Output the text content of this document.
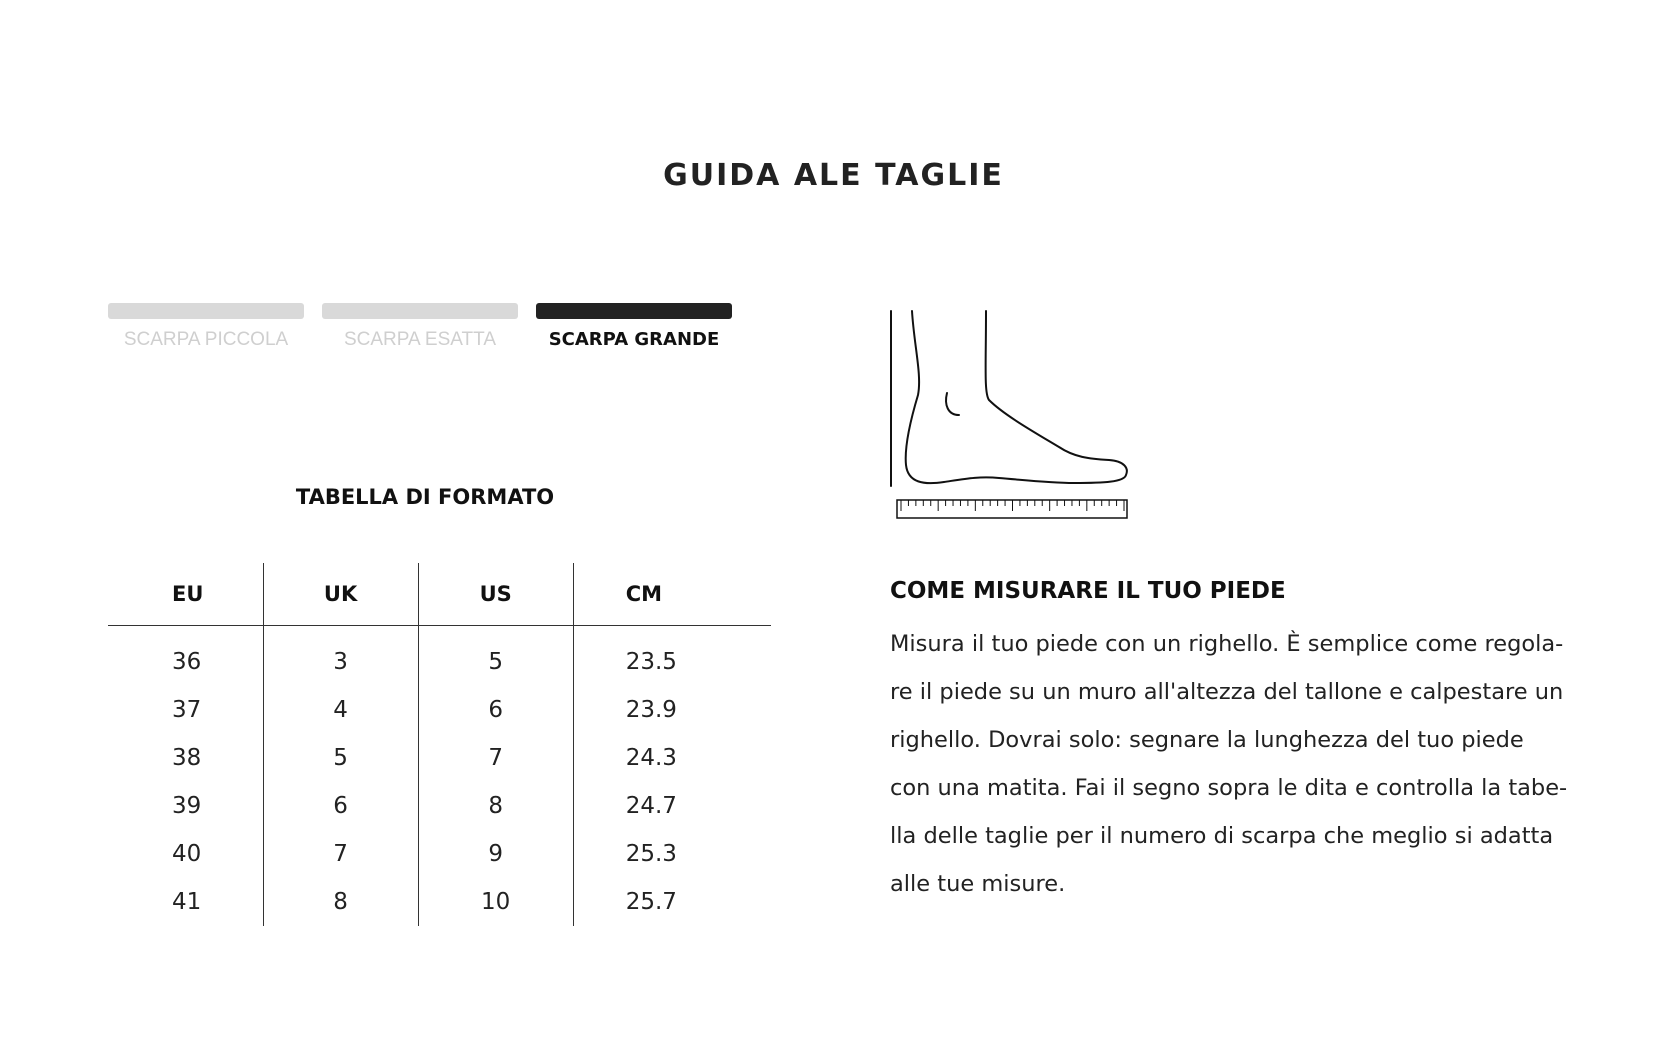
GUIDA ALE TAGLIE
SCARPA PICCOLA	SCARPA ESATTA	SCARPA GRANDE
TABELLA DI FORMATO
EU	UK	US	CM
36	3	5	23.5
37	4	6	23.9
38	5	7	24.3
39	6	8	24.7
40	7	9	25.3
41	8	10	25.7
COME MISURARE IL TUO PIEDE
Misura il tuo piede con un righello. È semplice come regola-
re il piede su un muro all'altezza del tallone e calpestare un
righello. Dovrai solo: segnare la lunghezza del tuo piede
con una matita. Fai il segno sopra le dita e controlla la tabe-
lla delle taglie per il numero di scarpa che meglio si adatta
alle tue misure.
